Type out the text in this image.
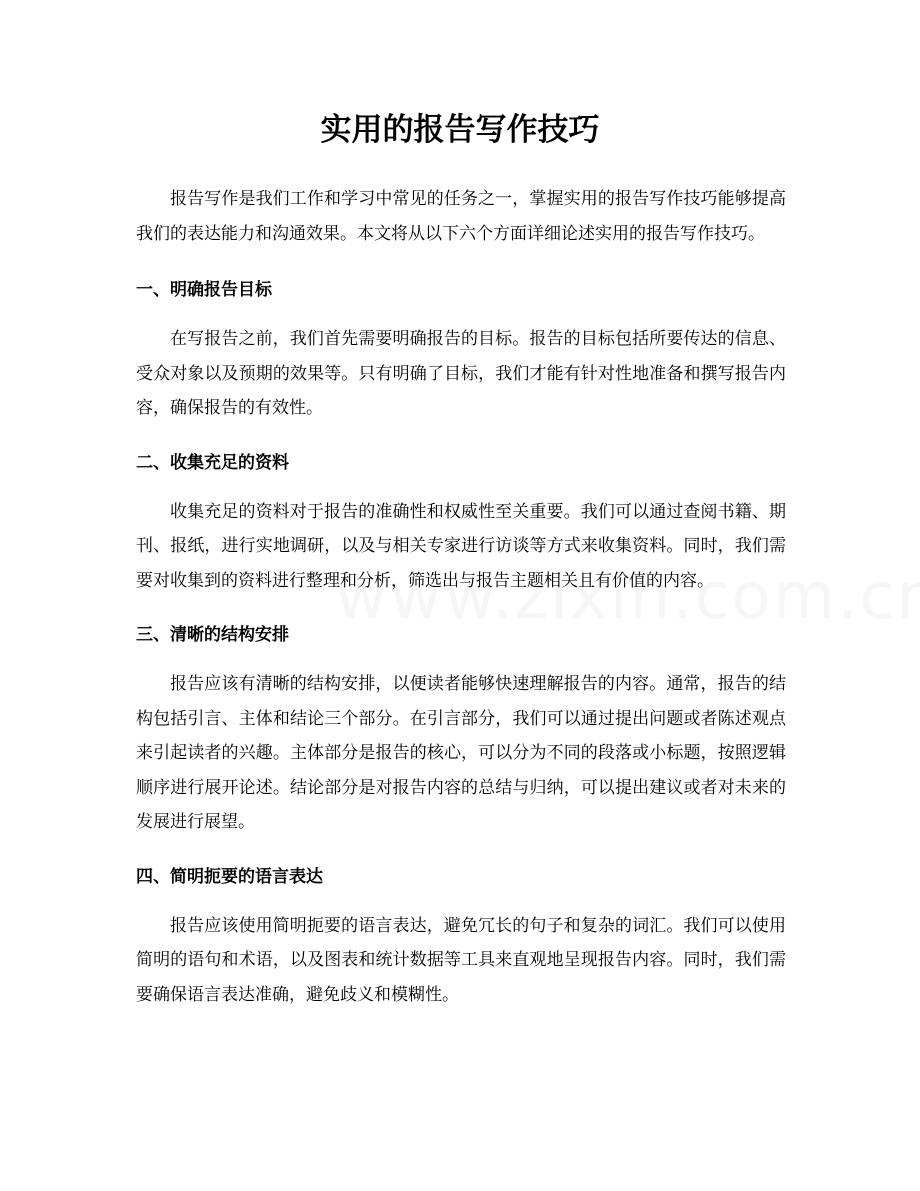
实用的报告写作技巧

报告写作是我们工作和学习中常见的任务之一，掌握实用的报告写作技巧能够提高我们的表达能力和沟通效果。本文将从以下六个方面详细论述实用的报告写作技巧。

一、明确报告目标

在写报告之前，我们首先需要明确报告的目标。报告的目标包括所要传达的信息、受众对象以及预期的效果等。只有明确了目标，我们才能有针对性地准备和撰写报告内容，确保报告的有效性。

二、收集充足的资料

收集充足的资料对于报告的准确性和权威性至关重要。我们可以通过查阅书籍、期刊、报纸，进行实地调研，以及与相关专家进行访谈等方式来收集资料。同时，我们需要对收集到的资料进行整理和分析，筛选出与报告主题相关且有价值的内容。

三、清晰的结构安排

报告应该有清晰的结构安排，以便读者能够快速理解报告的内容。通常，报告的结构包括引言、主体和结论三个部分。在引言部分，我们可以通过提出问题或者陈述观点来引起读者的兴趣。主体部分是报告的核心，可以分为不同的段落或小标题，按照逻辑顺序进行展开论述。结论部分是对报告内容的总结与归纳，可以提出建议或者对未来的发展进行展望。

四、简明扼要的语言表达

报告应该使用简明扼要的语言表达，避免冗长的句子和复杂的词汇。我们可以使用简明的语句和术语，以及图表和统计数据等工具来直观地呈现报告内容。同时，我们需要确保语言表达准确，避免歧义和模糊性。
